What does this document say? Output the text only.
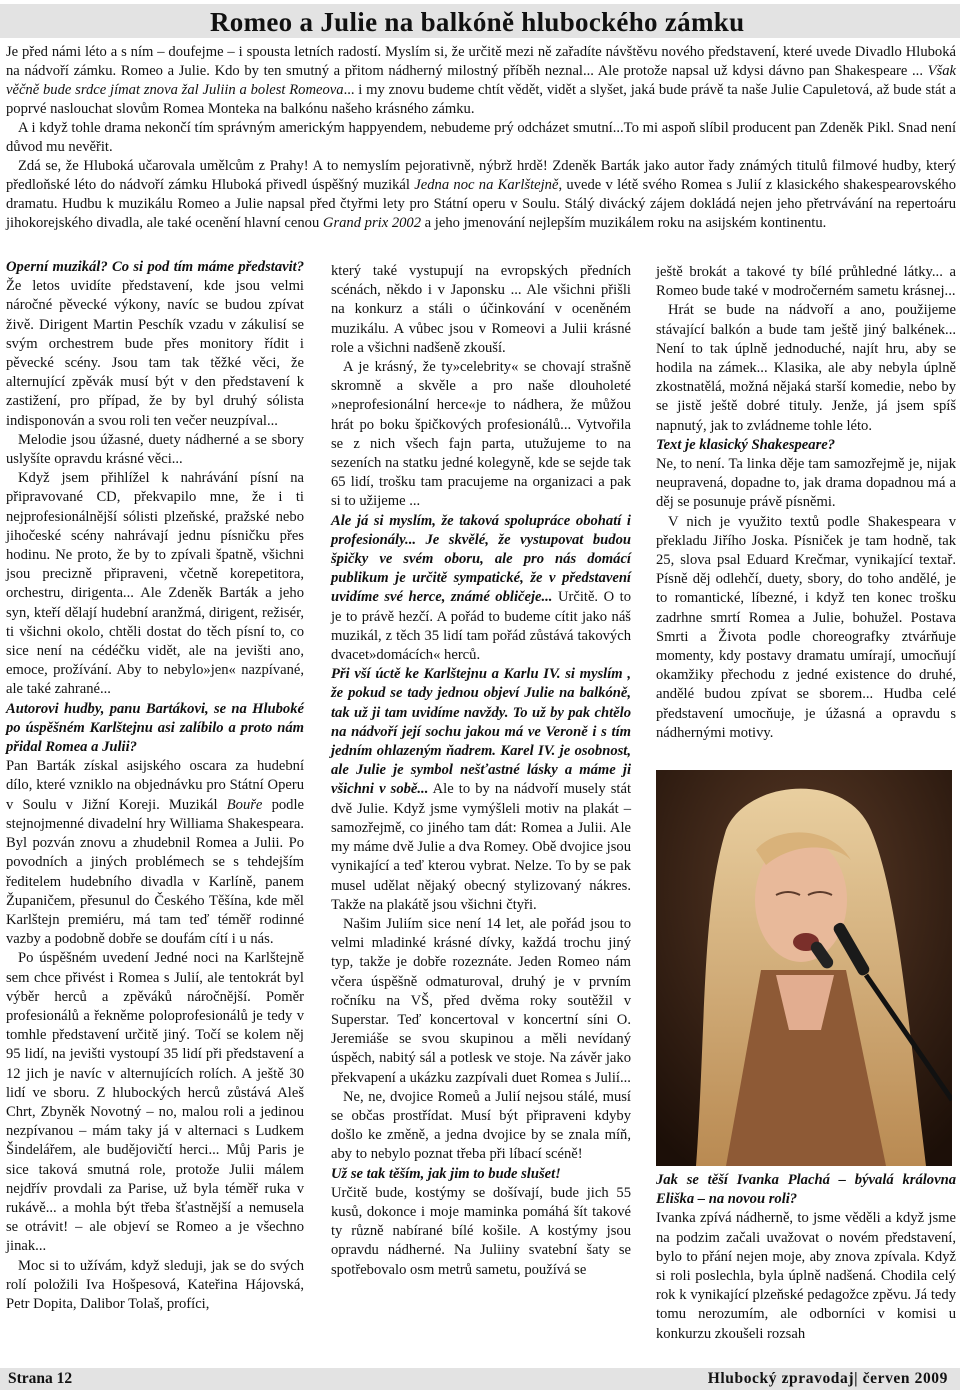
Romeo a Julie na balkóně hlubockého zámku

Je před námi léto a s ním – doufejme – i spousta letních radostí. Myslím si, že určitě mezi ně zařadíte návštěvu nového představení, které uvede Divadlo Hluboká na nádvoří zámku. Romeo a Julie. Kdo by ten smutný a přitom nádherný milostný příběh neznal... Ale protože napsal už kdysi dávno pan Shakespeare ... Však věčně bude srdce jímat znova žal Juliin a bolest Romeova... i my znovu budeme chtít vědět, vidět a slyšet, jaká bude právě ta naše Julie Capuletová, až bude stát a poprvé naslouchat slovům Romea Monteka na balkónu našeho krásného zámku.

A i když tohle drama nekončí tím správným americkým happyendem, nebudeme prý odcházet smutní...To mi aspoň slíbil producent pan Zdeněk Pikl. Snad není důvod mu nevěřit.

Zdá se, že Hluboká učarovala umělcům z Prahy! A to nemyslím pejorativně, nýbrž hrdě! Zdeněk Barták jako autor řady známých titulů filmové hudby, který předloňské léto do nádvoří zámku Hluboká přivedl úspěšný muzikál Jedna noc na Karlštejně, uvede v létě svého Romea s Julií z klasického shakespearovského dramatu. Hudbu k muzikálu Romeo a Julie napsal před čtyřmi lety pro Státní operu v Soulu. Stálý divácký zájem dokládá nejen jeho přetrvávání na repertoáru jihokorejského divadla, ale také ocenění hlavní cenou Grand prix 2002 a jeho jmenování nejlepším muzikálem roku na asijském kontinentu.

Operní muzikál? Co si pod tím máme představit? Že letos uvidíte představení, kde jsou velmi náročné pěvecké výkony, navíc se budou zpívat živě. Dirigent Martin Peschík vzadu v zákulisí se svým orchestrem bude přes monitory řídit i pěvecké scény. Jsou tam tak těžké věci, že alternující zpěvák musí být v den představení k zastižení, pro případ, že by byl druhý sólista indisponován a svou roli ten večer neuzpíval...

Melodie jsou úžasné, duety nádherné a se sbory uslyšíte opravdu krásné věci...

Když jsem přihlížel k nahrávání písní na připravované CD, překvapilo mne, že i ti nejprofesionálnější sólisti plzeňské, pražské nebo jihočeské scény nahrávají jednu písničku přes hodinu. Ne proto, že by to zpívali špatně, všichni jsou precizně připraveni, včetně korepetitora, orchestru, dirigenta... Ale Zdeněk Barták a jeho syn, kteří dělají hudební aranžmá, dirigent, režisér, ti všichni okolo, chtěli dostat do těch písní to, co sice není na cédéčku vidět, ale na jevišti ano, emoce, prožívání. Aby to nebylo»jen« nazpívané, ale také zahrané...

Autorovi hudby, panu Bartákovi, se na Hluboké po úspěšném Karlštejnu asi zalíbilo a proto nám přidal Romea a Julii?

Pan Barták získal asijského oscara za hudební dílo, které vzniklo na objednávku pro Státní Operu v Soulu v Jižní Koreji. Muzikál Bouře podle stejnojmenné divadelní hry Williama Shakespeara. Byl pozván znovu a zhudebnil Romea a Julii. Po povodních a jiných problémech se s tehdejším ředitelem hudebního divadla v Karlíně, panem Županičem, přesunul do Českého Těšína, kde měl Karlštejn premiéru, má tam teď téměř rodinné vazby a podobně dobře se doufám cítí i u nás.

Po úspěšném uvedení Jedné noci na Karlštejně sem chce přivést i Romea s Julií, ale tentokrát byl výběr herců a zpěváků náročnější. Poměr profesionálů a řekněme poloprofesionálů je tedy v tomhle představení určitě jiný. Točí se kolem něj 95 lidí, na jevišti vystoupí 35 lidí při představení a 12 jich je navíc v alternujících rolích. A ještě 30 lidí ve sboru. Z hlubockých herců zůstává Aleš Chrt, Zbyněk Novotný – no, malou roli a jedinou nezpívanou – mám taky já v alternaci s Ludkem Šindelářem, ale budějovičtí herci... Můj Paris je sice taková smutná role, protože Julii málem nejdřív provdali za Parise, už byla téměř ruka v rukávě... a mohla být třeba šťastnější a nemusela se otrávit! – ale objeví se Romeo a je všechno jinak...

Moc si to užívám, když sleduji, jak se do svých rolí položili Iva Hošpesová, Kateřina Hájovská, Petr Dopita, Dalibor Tolaš, profíci,

který také vystupují na evropských předních scénách, někdo i v Japonsku ... Ale všichni přišli na konkurz a stáli o účinkování v oceněném muzikálu. A vůbec jsou v Romeovi a Julii krásné role a všichni nadšeně zkouší.

A je krásný, že ty»celebrity« se chovají strašně skromně a skvěle a pro naše dlouholeté »neprofesionální herce«je to nádhera, že můžou hrát po boku špičkových profesionálů... Vytvořila se z nich všech fajn parta, utužujeme to na sezeních na statku jedné kolegyně, kde se sejde tak 65 lidí, trošku tam pracujeme na organizaci a pak si to užijeme ...

Ale já si myslím, že taková spolupráce obohatí i profesionály... Je skvělé, že vystupovat budou špičky ve svém oboru, ale pro nás domácí publikum je určitě sympatické, že v představení uvidíme své herce, známé obličeje... Určitě. O to je to právě hezčí. A pořád to budeme cítit jako náš muzikál, z těch 35 lidí tam pořád zůstává takových dvacet»domácích« herců.

Při vší úctě ke Karlštejnu a Karlu IV. si myslím , že pokud se tady jednou objeví Julie na balkóně, tak už ji tam uvidíme navždy. To už by pak chtělo na nádvoří její sochu jakou má ve Veroně i s tím jedním ohlazeným ňadrem. Karel IV. je osobnost, ale Julie je symbol nešťastné lásky a máme ji všichni v sobě... Ale to by na nádvoří musely stát dvě Julie. Když jsme vymýšleli motiv na plakát – samozřejmě, co jiného tam dát: Romea a Julii. Ale my máme dvě Julie a dva Romey. Obě dvojice jsou vynikající a teď kterou vybrat. Nelze. To by se pak musel udělat nějaký obecný stylizovaný nákres. Takže na plakátě jsou všichni čtyři.

Našim Juliím sice není 14 let, ale pořád jsou to velmi mladinké krásné dívky, každá trochu jiný typ, takže je dobře rozeznáte. Jeden Romeo nám včera úspěšně odmaturoval, druhý je v prvním ročníku na VŠ, před dvěma roky soutěžil v Superstar. Teď koncertoval v koncertní síni O. Jeremiáše se svou skupinou a měli nevídaný úspěch, nabitý sál a potlesk ve stoje. Na závěr jako překvapení a ukázku zazpívali duet Romea s Julií...

Ne, ne, dvojice Romeů a Julií nejsou stálé, musí se občas prostřídat. Musí být připraveni kdyby došlo ke změně, a jedna dvojice by se znala míň, aby to nebylo poznat třeba při líbací scéně!

Už se tak těším, jak jim to bude slušet!

Určitě bude, kostýmy se došívají, bude jich 55 kusů, dokonce i moje maminka pomáhá šít takové ty různě nabírané bílé košile. A kostýmy jsou opravdu nádherné. Na Juliiny svatební šaty se spotřebovalo osm metrů sametu, používá se

ještě brokát a takové ty bílé průhledné látky... a Romeo bude také v modročerném sametu krásnej...

Hrát se bude na nádvoří a ano, použijeme stávající balkón a bude tam ještě jiný balkének... Není to tak úplně jednoduché, najít hru, aby se hodila na zámek... Klasika, ale aby nebyla úplně zkostnatělá, možná nějaká starší komedie, nebo by se jistě ještě dobré tituly. Jenže, já jsem spíš napnutý, jak to zvládneme tohle léto.

Text je klasický Shakespeare?

Ne, to není. Ta linka děje tam samozřejmě je, nijak neupravená, dopadne to, jak drama dopadnou má a děj se posunuje právě písněmi.

V nich je využito textů podle Shakespeara v překladu Jiřího Joska. Písniček je tam hodně, tak 25, slova psal Eduard Krečmar, vynikající textař. Písně děj odlehčí, duety, sbory, do toho andělé, je to romantické, líbezné, i když ten konec trošku zadrhne smrtí Romea a Julie, bohužel. Postava Smrti a Života podle choreografky ztvárňuje momenty, kdy postavy dramatu umírají, umocňují okamžiky přechodu z jedné existence do druhé, andělé budou zpívat se sborem... Hudba celé představení umocňuje, je úžasná a opravdu s nádhernými motivy.

Jak se těší Ivanka Plachá – bývalá královna Eliška – na novou roli?

Ivanka zpívá nádherně, to jsme věděli a když jsme na podzim začali uvažovat o novém představení, bylo to přání nejen moje, aby znova zpívala. Když si roli poslechla, byla úplně nadšená. Chodila celý rok k vynikající plzeňské pedagožce zpěvu. Já tedy tomu nerozumím, ale odborníci v komisi u konkurzu zkoušeli rozsah

Strana 12	Hlubocký zpravodaj| červen 2009
